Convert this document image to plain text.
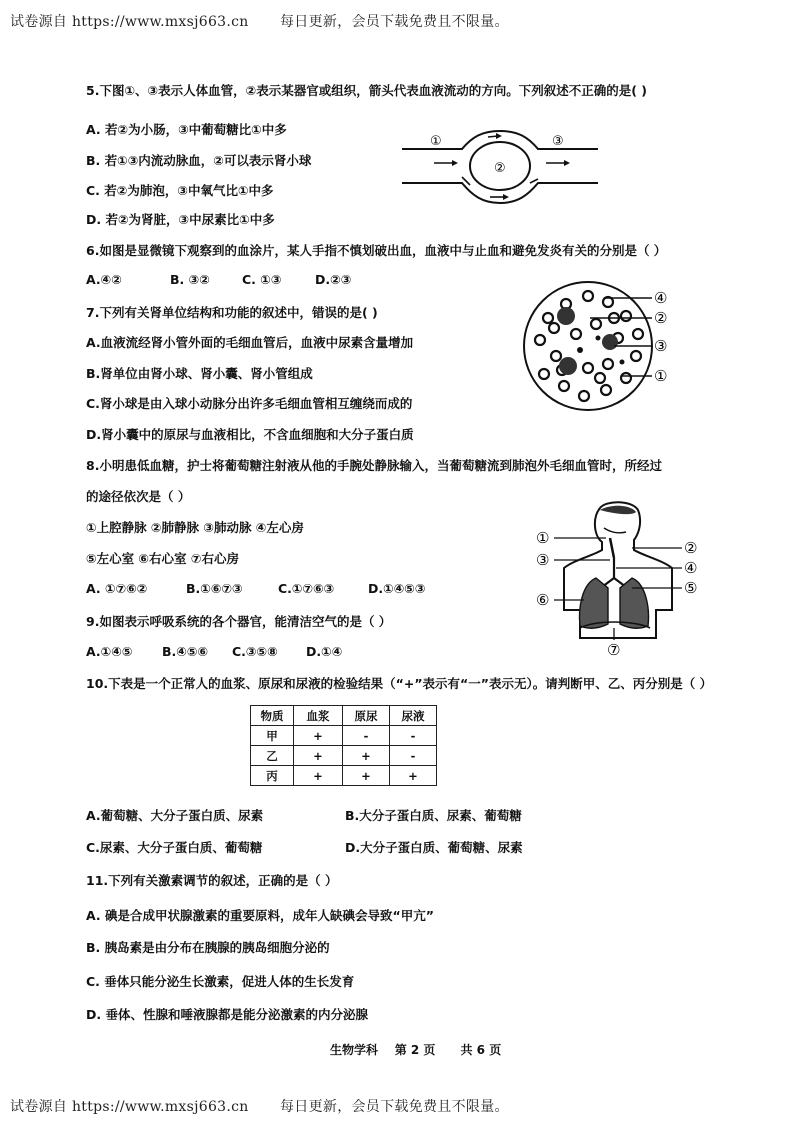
试卷源自 https://www.mxsj663.cn 每日更新，会员下载免费且不限量。
5.下图①、③表示人体血管，②表示某器官或组织，箭头代表血液流动的方向。下列叙述不正确的是( )
A. 若②为小肠，③中葡萄糖比①中多
B. 若①③内流动脉血，②可以表示肾小球
C. 若②为肺泡，③中氧气比①中多
D. 若②为肾脏，③中尿素比①中多
①
②
③
6.如图是显微镜下观察到的血涂片，某人手指不慎划破出血，血液中与止血和避免发炎有关的分别是（ ）
A.④②	B. ③②	C. ①③	D.②③
④
②
③
①
7.下列有关肾单位结构和功能的叙述中，错误的是( )
A.血液流经肾小管外面的毛细血管后，血液中尿素含量增加
B.肾单位由肾小球、肾小囊、肾小管组成
C.肾小球是由入球小动脉分出许多毛细血管相互缠绕而成的
D.肾小囊中的原尿与血液相比，不含血细胞和大分子蛋白质
8.小明患低血糖，护士将葡萄糖注射液从他的手腕处静脉输入，当葡萄糖流到肺泡外毛细血管时，所经过
的途径依次是（ ）
①上腔静脉 ②肺静脉 ③肺动脉 ④左心房
⑤左心室 ⑥右心室 ⑦右心房
A. ①⑦⑥②	B.①⑥⑦③	C.①⑦⑥③	D.①④⑤③
①
②
③	④
⑤
⑥
⑦
9.如图表示呼吸系统的各个器官，能清洁空气的是（ ）
A.①④⑤ B.④⑤⑥ C.③⑤⑧ D.①④
10.下表是一个正常人的血浆、原尿和尿液的检验结果（“+”表示有“一”表示无）。请判断甲、乙、丙分别是（ ）
物质	血浆	原尿	尿液
甲	+	-	-
乙	+	+	-
丙	+	+	+
A.葡萄糖、大分子蛋白质、尿素	B.大分子蛋白质、尿素、葡萄糖
C.尿素、大分子蛋白质、葡萄糖	D.大分子蛋白质、葡萄糖、尿素
11.下列有关激素调节的叙述，正确的是（ ）
A. 碘是合成甲状腺激素的重要原料，成年人缺碘会导致“甲亢”
B. 胰岛素是由分布在胰腺的胰岛细胞分泌的
C. 垂体只能分泌生长激素，促进人体的生长发育
D. 垂体、性腺和唾液腺都是能分泌激素的内分泌腺
生物学科    第 2 页      共 6 页
试卷源自 https://www.mxsj663.cn 每日更新，会员下载免费且不限量。
